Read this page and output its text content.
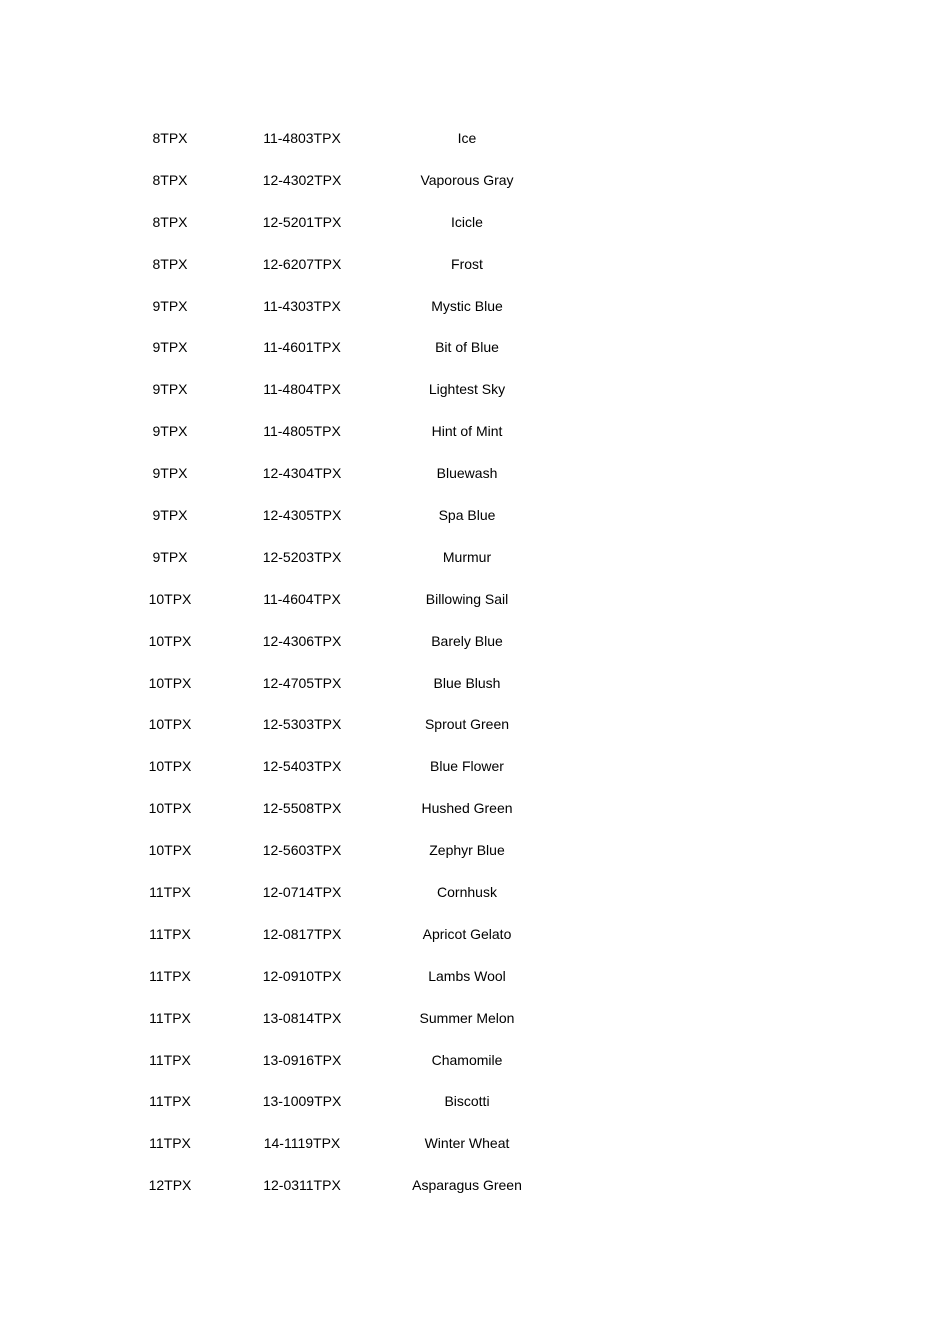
8TPX	11-4803TPX	Ice
8TPX	12-4302TPX	Vaporous Gray
8TPX	12-5201TPX	Icicle
8TPX	12-6207TPX	Frost
9TPX	11-4303TPX	Mystic Blue
9TPX	11-4601TPX	Bit of Blue
9TPX	11-4804TPX	Lightest Sky
9TPX	11-4805TPX	Hint of Mint
9TPX	12-4304TPX	Bluewash
9TPX	12-4305TPX	Spa Blue
9TPX	12-5203TPX	Murmur
10TPX	11-4604TPX	Billowing Sail
10TPX	12-4306TPX	Barely Blue
10TPX	12-4705TPX	Blue Blush
10TPX	12-5303TPX	Sprout Green
10TPX	12-5403TPX	Blue Flower
10TPX	12-5508TPX	Hushed Green
10TPX	12-5603TPX	Zephyr Blue
11TPX	12-0714TPX	Cornhusk
11TPX	12-0817TPX	Apricot Gelato
11TPX	12-0910TPX	Lambs Wool
11TPX	13-0814TPX	Summer Melon
11TPX	13-0916TPX	Chamomile
11TPX	13-1009TPX	Biscotti
11TPX	14-1119TPX	Winter Wheat
12TPX	12-0311TPX	Asparagus Green
